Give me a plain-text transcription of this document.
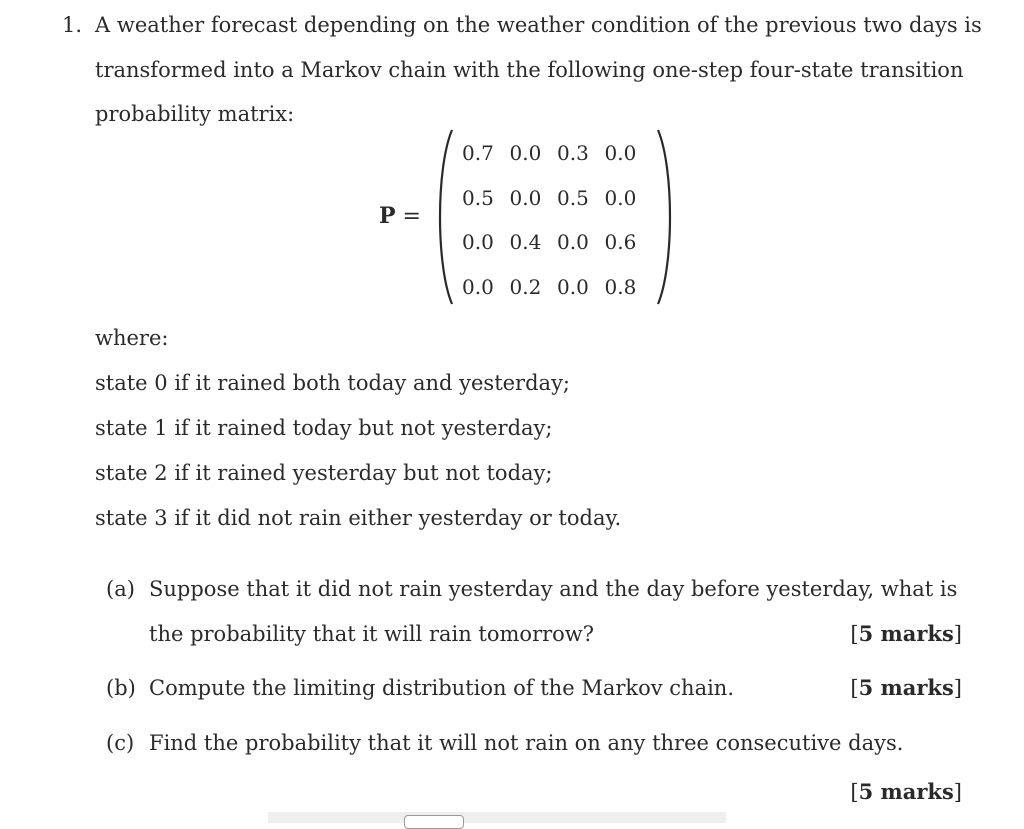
1. A weather forecast depending on the weather condition of the previous two days is
transformed into a Markov chain with the following one-step four-state transition
probability matrix:
P =
0.7 0.0 0.3 0.0
0.5 0.0 0.5 0.0
0.0 0.4 0.0 0.6
0.0 0.2 0.0 0.8
where:
state 0 if it rained both today and yesterday;
state 1 if it rained today but not yesterday;
state 2 if it rained yesterday but not today;
state 3 if it did not rain either yesterday or today.
(a) Suppose that it did not rain yesterday and the day before yesterday, what is
the probability that it will rain tomorrow?	[5 marks]
(b) Compute the limiting distribution of the Markov chain.	[5 marks]
(c) Find the probability that it will not rain on any three consecutive days.
[5 marks]
